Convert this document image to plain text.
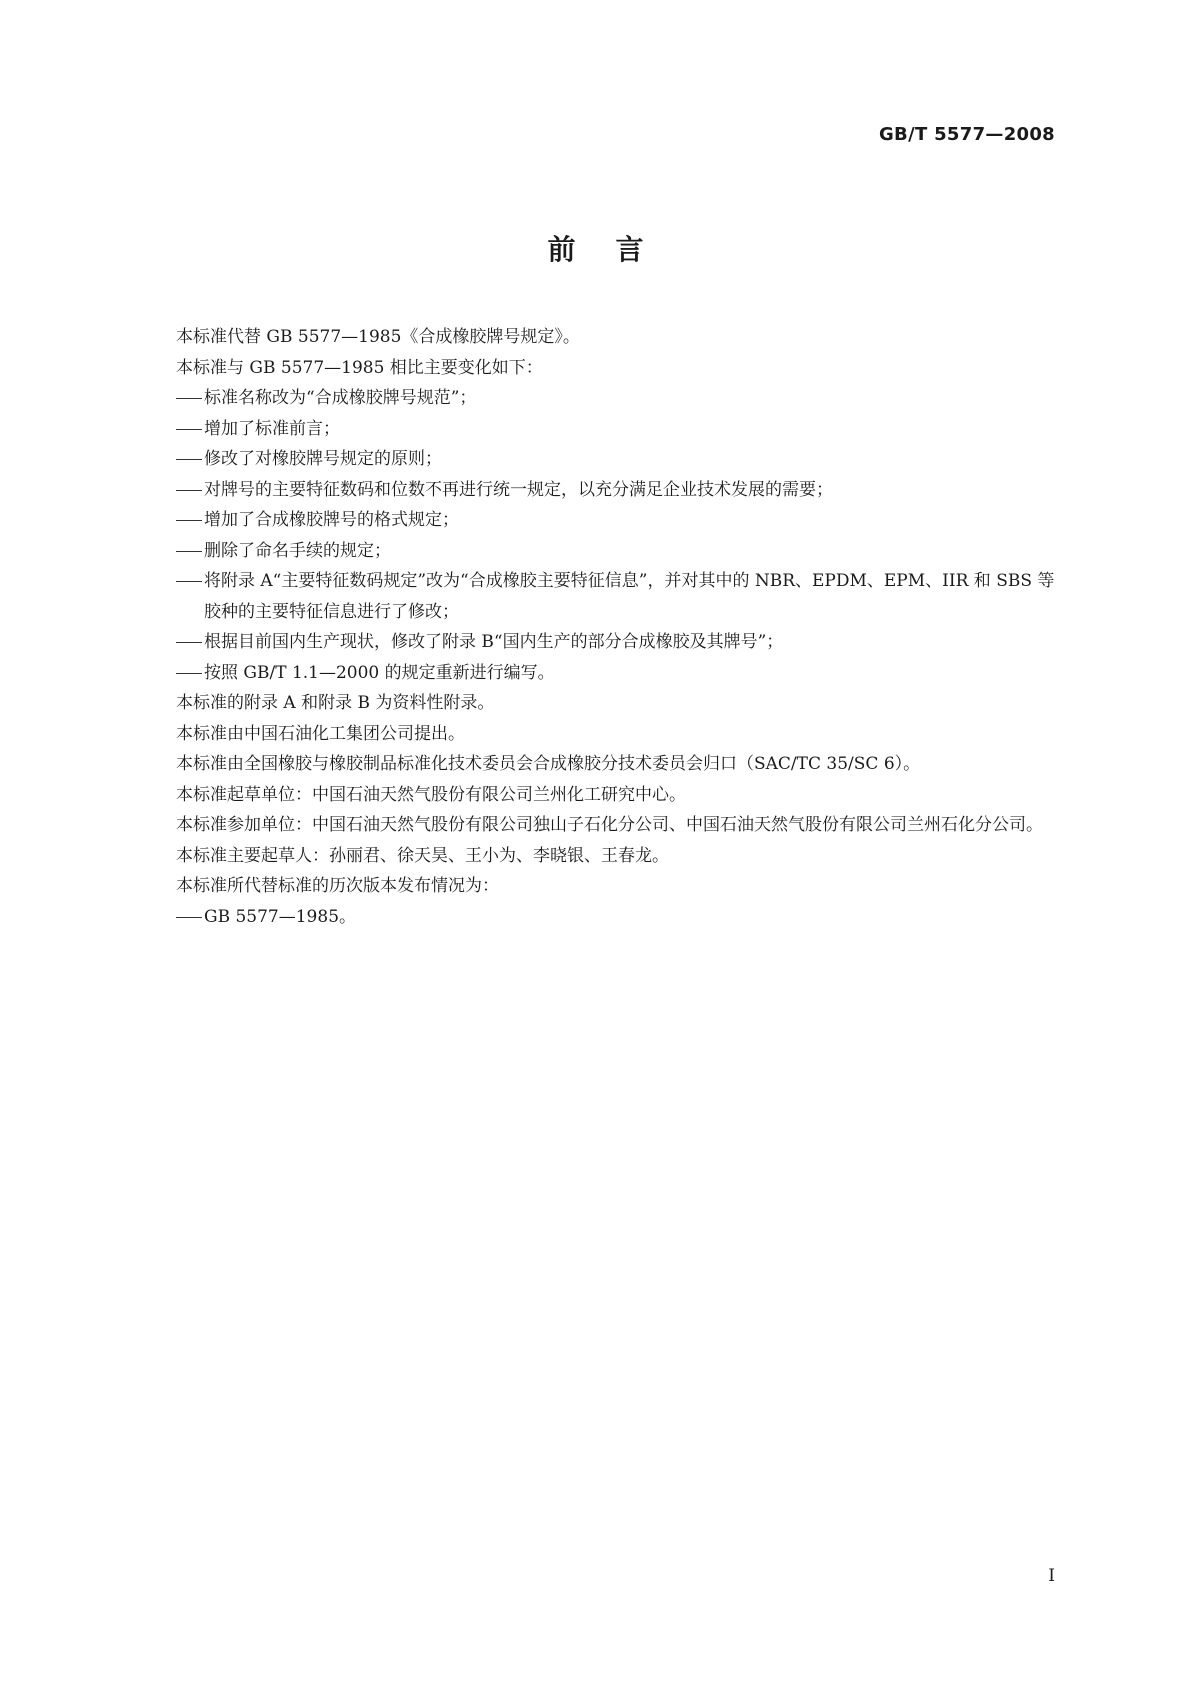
GB/T 5577—2008
前言

本标准代替 GB 5577—1985《合成橡胶牌号规定》。

本标准与 GB 5577—1985 相比主要变化如下：

标准名称改为“合成橡胶牌号规范”；
增加了标准前言；
修改了对橡胶牌号规定的原则；
对牌号的主要特征数码和位数不再进行统一规定，以充分满足企业技术发展的需要；
增加了合成橡胶牌号的格式规定；
删除了命名手续的规定；
将附录 A“主要特征数码规定”改为“合成橡胶主要特征信息”，并对其中的 NBR、EPDM、EPM、IIR 和 SBS 等胶种的主要特征信息进行了修改；
根据目前国内生产现状，修改了附录 B“国内生产的部分合成橡胶及其牌号”；
按照 GB/T 1.1—2000 的规定重新进行编写。

本标准的附录 A 和附录 B 为资料性附录。

本标准由中国石油化工集团公司提出。

本标准由全国橡胶与橡胶制品标准化技术委员会合成橡胶分技术委员会归口（SAC/TC 35/SC 6）。

本标准起草单位：中国石油天然气股份有限公司兰州化工研究中心。

本标准参加单位：中国石油天然气股份有限公司独山子石化分公司、中国石油天然气股份有限公司兰州石化分公司。

本标准主要起草人：孙丽君、徐天昊、王小为、李晓银、王春龙。

本标准所代替标准的历次版本发布情况为：

GB 5577—1985。
I
